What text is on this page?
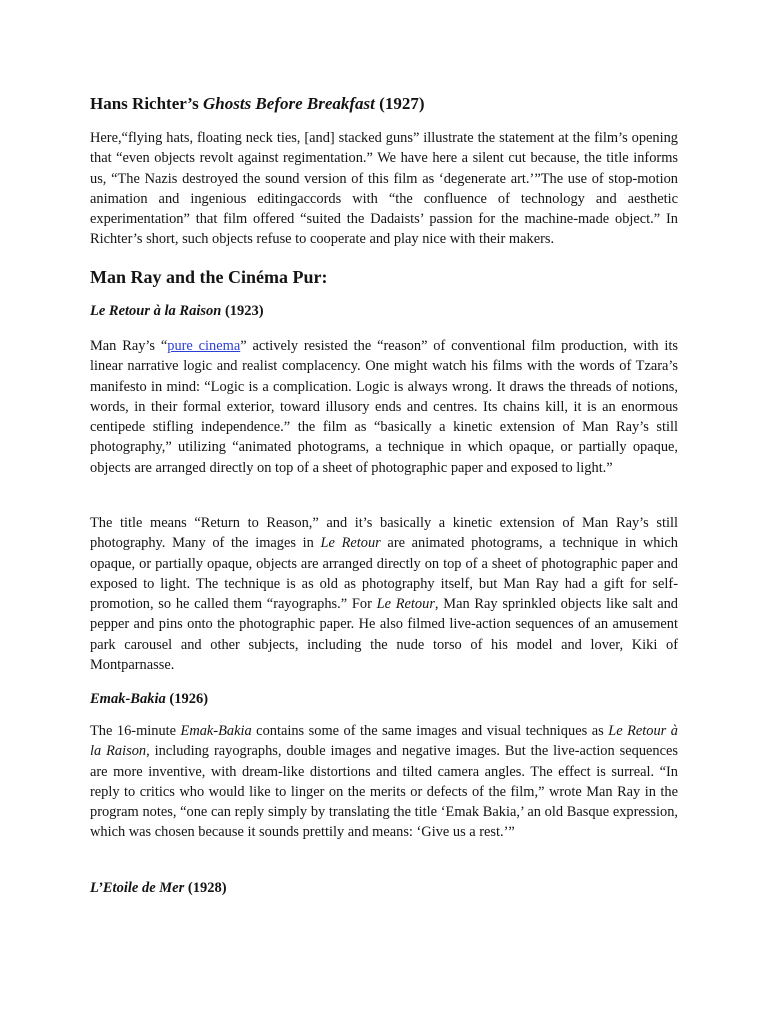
Hans Richter’s Ghosts Before Breakfast (1927)

Here,“flying hats, floating neck ties, [and] stacked guns” illustrate the statement at the film’s opening that “even objects revolt against regimentation.” We have here a silent cut because, the title informs us, “The Nazis destroyed the sound version of this film as ‘degenerate art.’”The use of stop-motion animation and ingenious editingaccords with “the confluence of technology and aesthetic experimentation” that film offered “suited the Dadaists’ passion for the machine-made object.” In Richter’s short, such objects refuse to cooperate and play nice with their makers.

Man Ray and the Cinéma Pur:
Le Retour à la Raison (1923)

Man Ray’s “pure cinema” actively resisted the “reason” of conventional film production, with its linear narrative logic and realist complacency. One might watch his films with the words of Tzara’s manifesto in mind: “Logic is a complication. Logic is always wrong. It draws the threads of notions, words, in their formal exterior, toward illusory ends and centres. Its chains kill, it is an enormous centipede stifling independence.” the film as “basically a kinetic extension of Man Ray’s still photography,” utilizing “animated photograms, a technique in which opaque, or partially opaque, objects are arranged directly on top of a sheet of photographic paper and exposed to light.”

The title means “Return to Reason,” and it’s basically a kinetic extension of Man Ray’s still photography. Many of the images in Le Retour are animated photograms, a technique in which opaque, or partially opaque, objects are arranged directly on top of a sheet of photographic paper and exposed to light. The technique is as old as photography itself, but Man Ray had a gift for self-promotion, so he called them “rayographs.” For Le Retour, Man Ray sprinkled objects like salt and pepper and pins onto the photographic paper. He also filmed live-action sequences of an amusement park carousel and other subjects, including the nude torso of his model and lover, Kiki of Montparnasse.

Emak-Bakia (1926)

The 16-minute Emak-Bakia contains some of the same images and visual techniques as Le Retour à la Raison, including rayographs, double images and negative images. But the live-action sequences are more inventive, with dream-like distortions and tilted camera angles. The effect is surreal. “In reply to critics who would like to linger on the merits or defects of the film,” wrote Man Ray in the program notes, “one can reply simply by translating the title ‘Emak Bakia,’ an old Basque expression, which was chosen because it sounds prettily and means: ‘Give us a rest.’”

L’Etoile de Mer (1928)
